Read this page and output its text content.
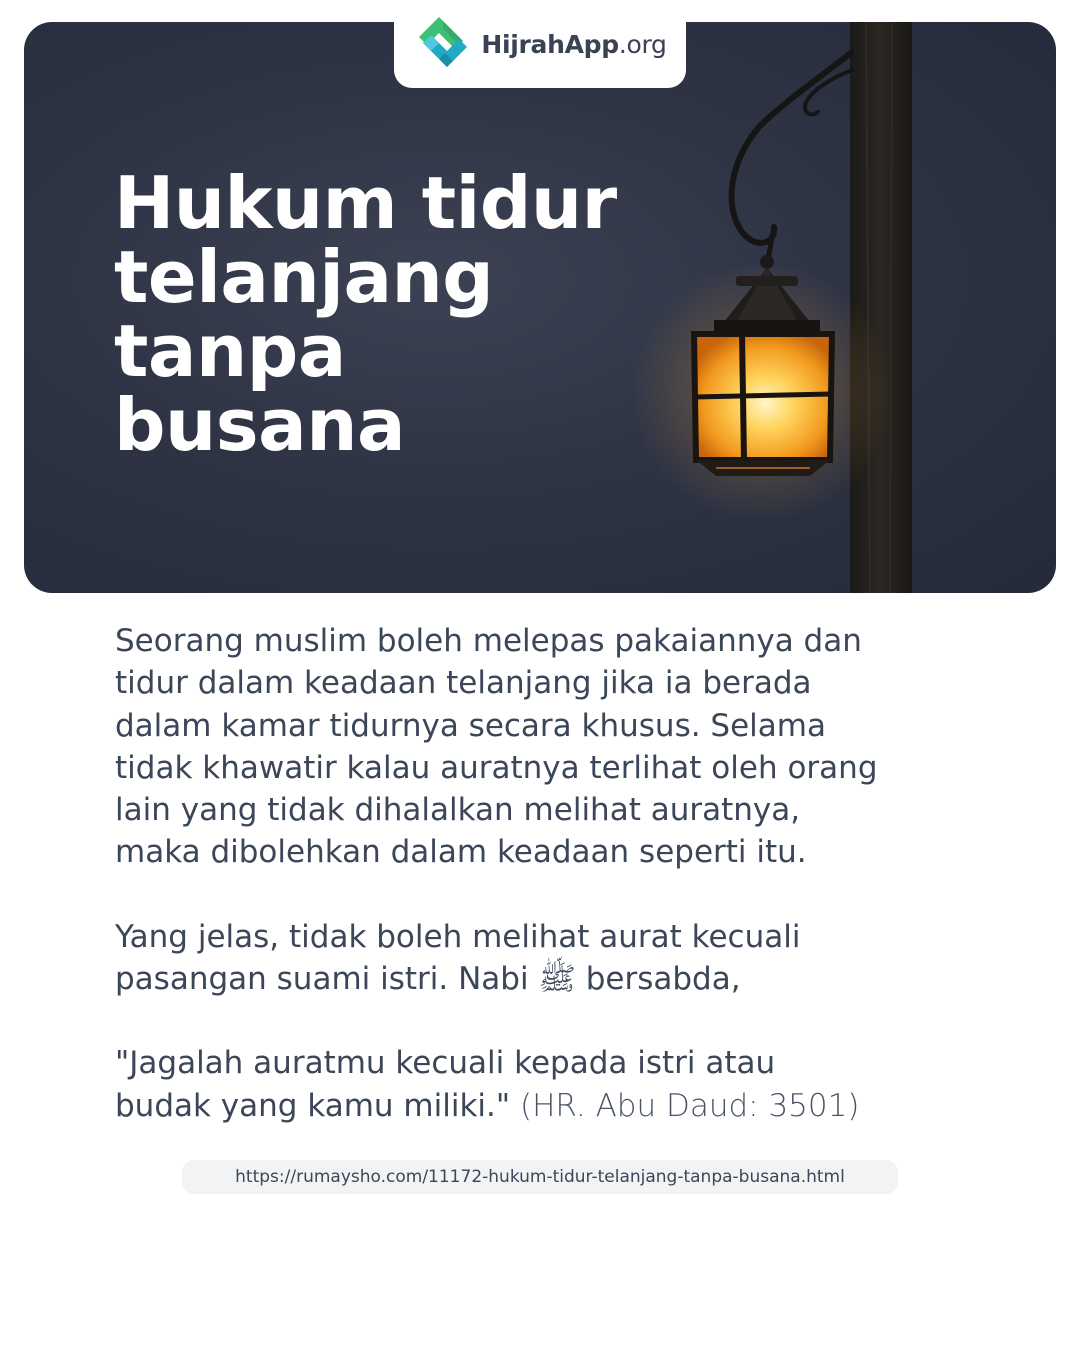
Hukum tidur
telanjang
tanpa
busana
HijrahApp.org

Seorang muslim boleh melepas pakaiannya dan
tidur dalam keadaan telanjang jika ia berada
dalam kamar tidurnya secara khusus. Selama
tidak khawatir kalau auratnya terlihat oleh orang
lain yang tidak dihalalkan melihat auratnya,
maka dibolehkan dalam keadaan seperti itu.

Yang jelas, tidak boleh melihat aurat kecuali
pasangan suami istri. Nabi ﷺ bersabda,

"Jagalah auratmu kecuali kepada istri atau
budak yang kamu miliki." (HR. Abu Daud: 3501)

https://rumaysho.com/11172-hukum-tidur-telanjang-tanpa-busana.html
